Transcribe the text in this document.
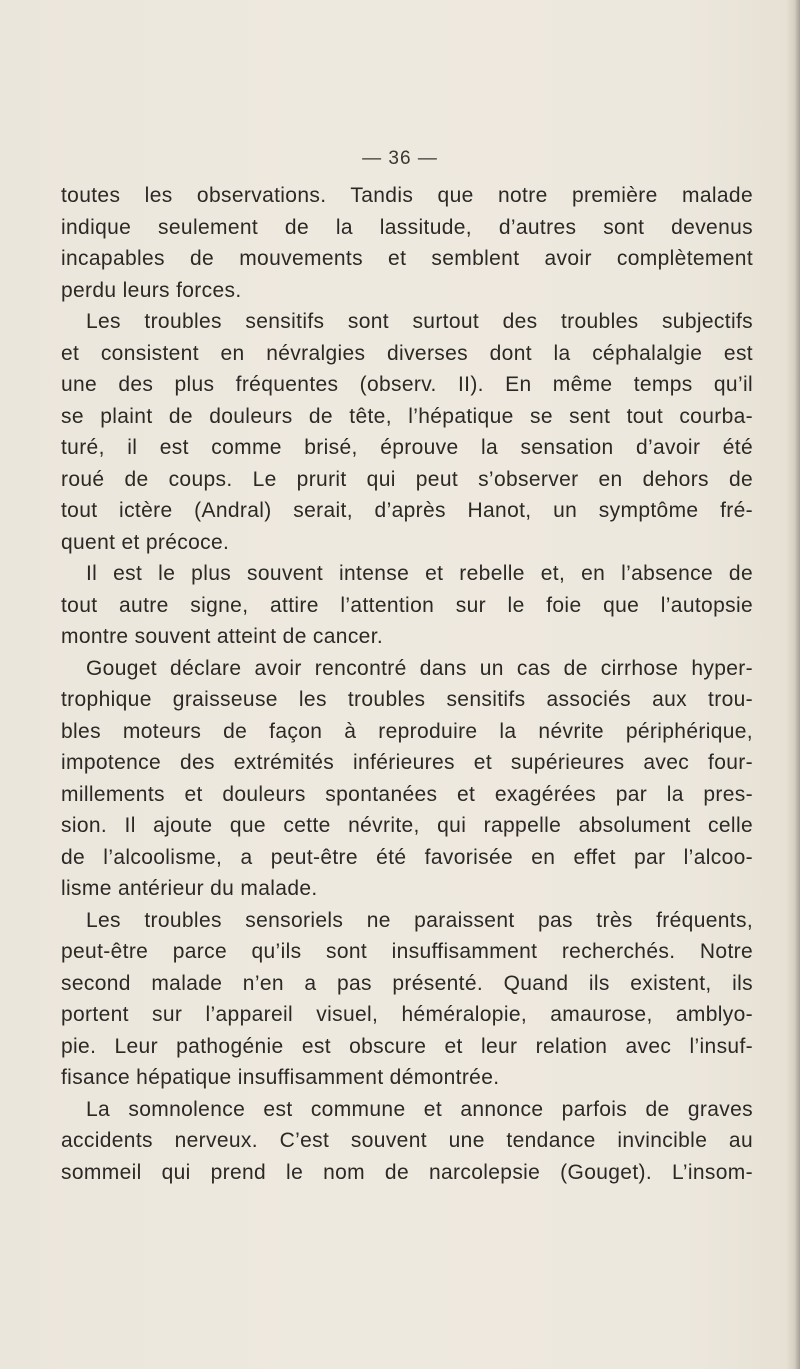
— 36 —
toutes les observations. Tandis que notre première malade
indique seulement de la lassitude, d’autres sont devenus
incapables de mouvements et semblent avoir complètement
perdu leurs forces.
Les troubles sensitifs sont surtout des troubles subjectifs
et consistent en névralgies diverses dont la céphalalgie est
une des plus fréquentes (observ. II). En même temps qu’il
se plaint de douleurs de tête, l’hépatique se sent tout courba-
turé, il est comme brisé, éprouve la sensation d’avoir été
roué de coups. Le prurit qui peut s’observer en dehors de
tout ictère (Andral) serait, d’après Hanot, un symptôme fré-
quent et précoce.
Il est le plus souvent intense et rebelle et, en l’absence de
tout autre signe, attire l’attention sur le foie que l’autopsie
montre souvent atteint de cancer.
Gouget déclare avoir rencontré dans un cas de cirrhose hyper-
trophique graisseuse les troubles sensitifs associés aux trou-
bles moteurs de façon à reproduire la névrite périphérique,
impotence des extrémités inférieures et supérieures avec four-
millements et douleurs spontanées et exagérées par la pres-
sion. Il ajoute que cette névrite, qui rappelle absolument celle
de l’alcoolisme, a peut-être été favorisée en effet par l’alcoo-
lisme antérieur du malade.
Les troubles sensoriels ne paraissent pas très fréquents,
peut-être parce qu’ils sont insuffisamment recherchés. Notre
second malade n’en a pas présenté. Quand ils existent, ils
portent sur l’appareil visuel, héméralopie, amaurose, amblyo-
pie. Leur pathogénie est obscure et leur relation avec l’insuf-
fisance hépatique insuffisamment démontrée.
La somnolence est commune et annonce parfois de graves
accidents nerveux. C’est souvent une tendance invincible au
sommeil qui prend le nom de narcolepsie (Gouget). L’insom-
